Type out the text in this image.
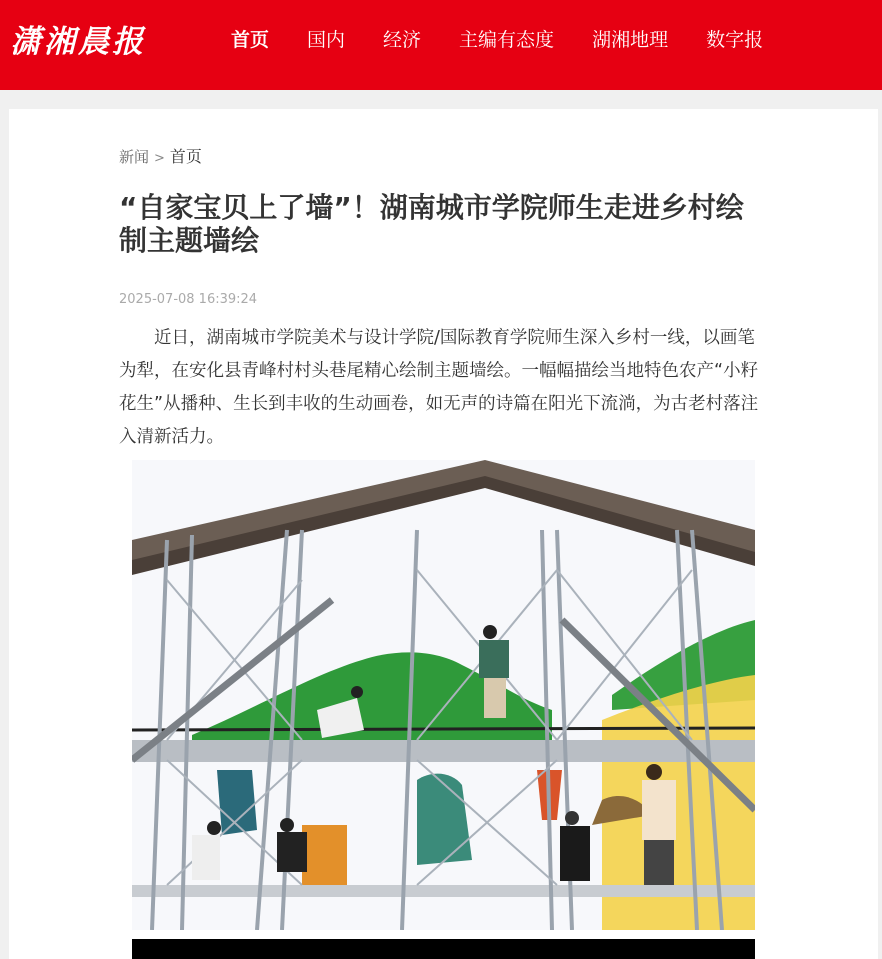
潇湘晨报	首页	国内	经济	主编有态度	湖湘地理	数字报
新闻 > 首页
“自家宝贝上了墙”！湖南城市学院师生走进乡村绘制主题墙绘
2025-07-08 16:39:24

近日，湖南城市学院美术与设计学院/国际教育学院师生深入乡村一线，以画笔为犁，在安化县青峰村村头巷尾精心绘制主题墙绘。一幅幅描绘当地特色农产“小籽花生”从播种、生长到丰收的生动画卷，如无声的诗篇在阳光下流淌，为古老村落注入清新活力。
